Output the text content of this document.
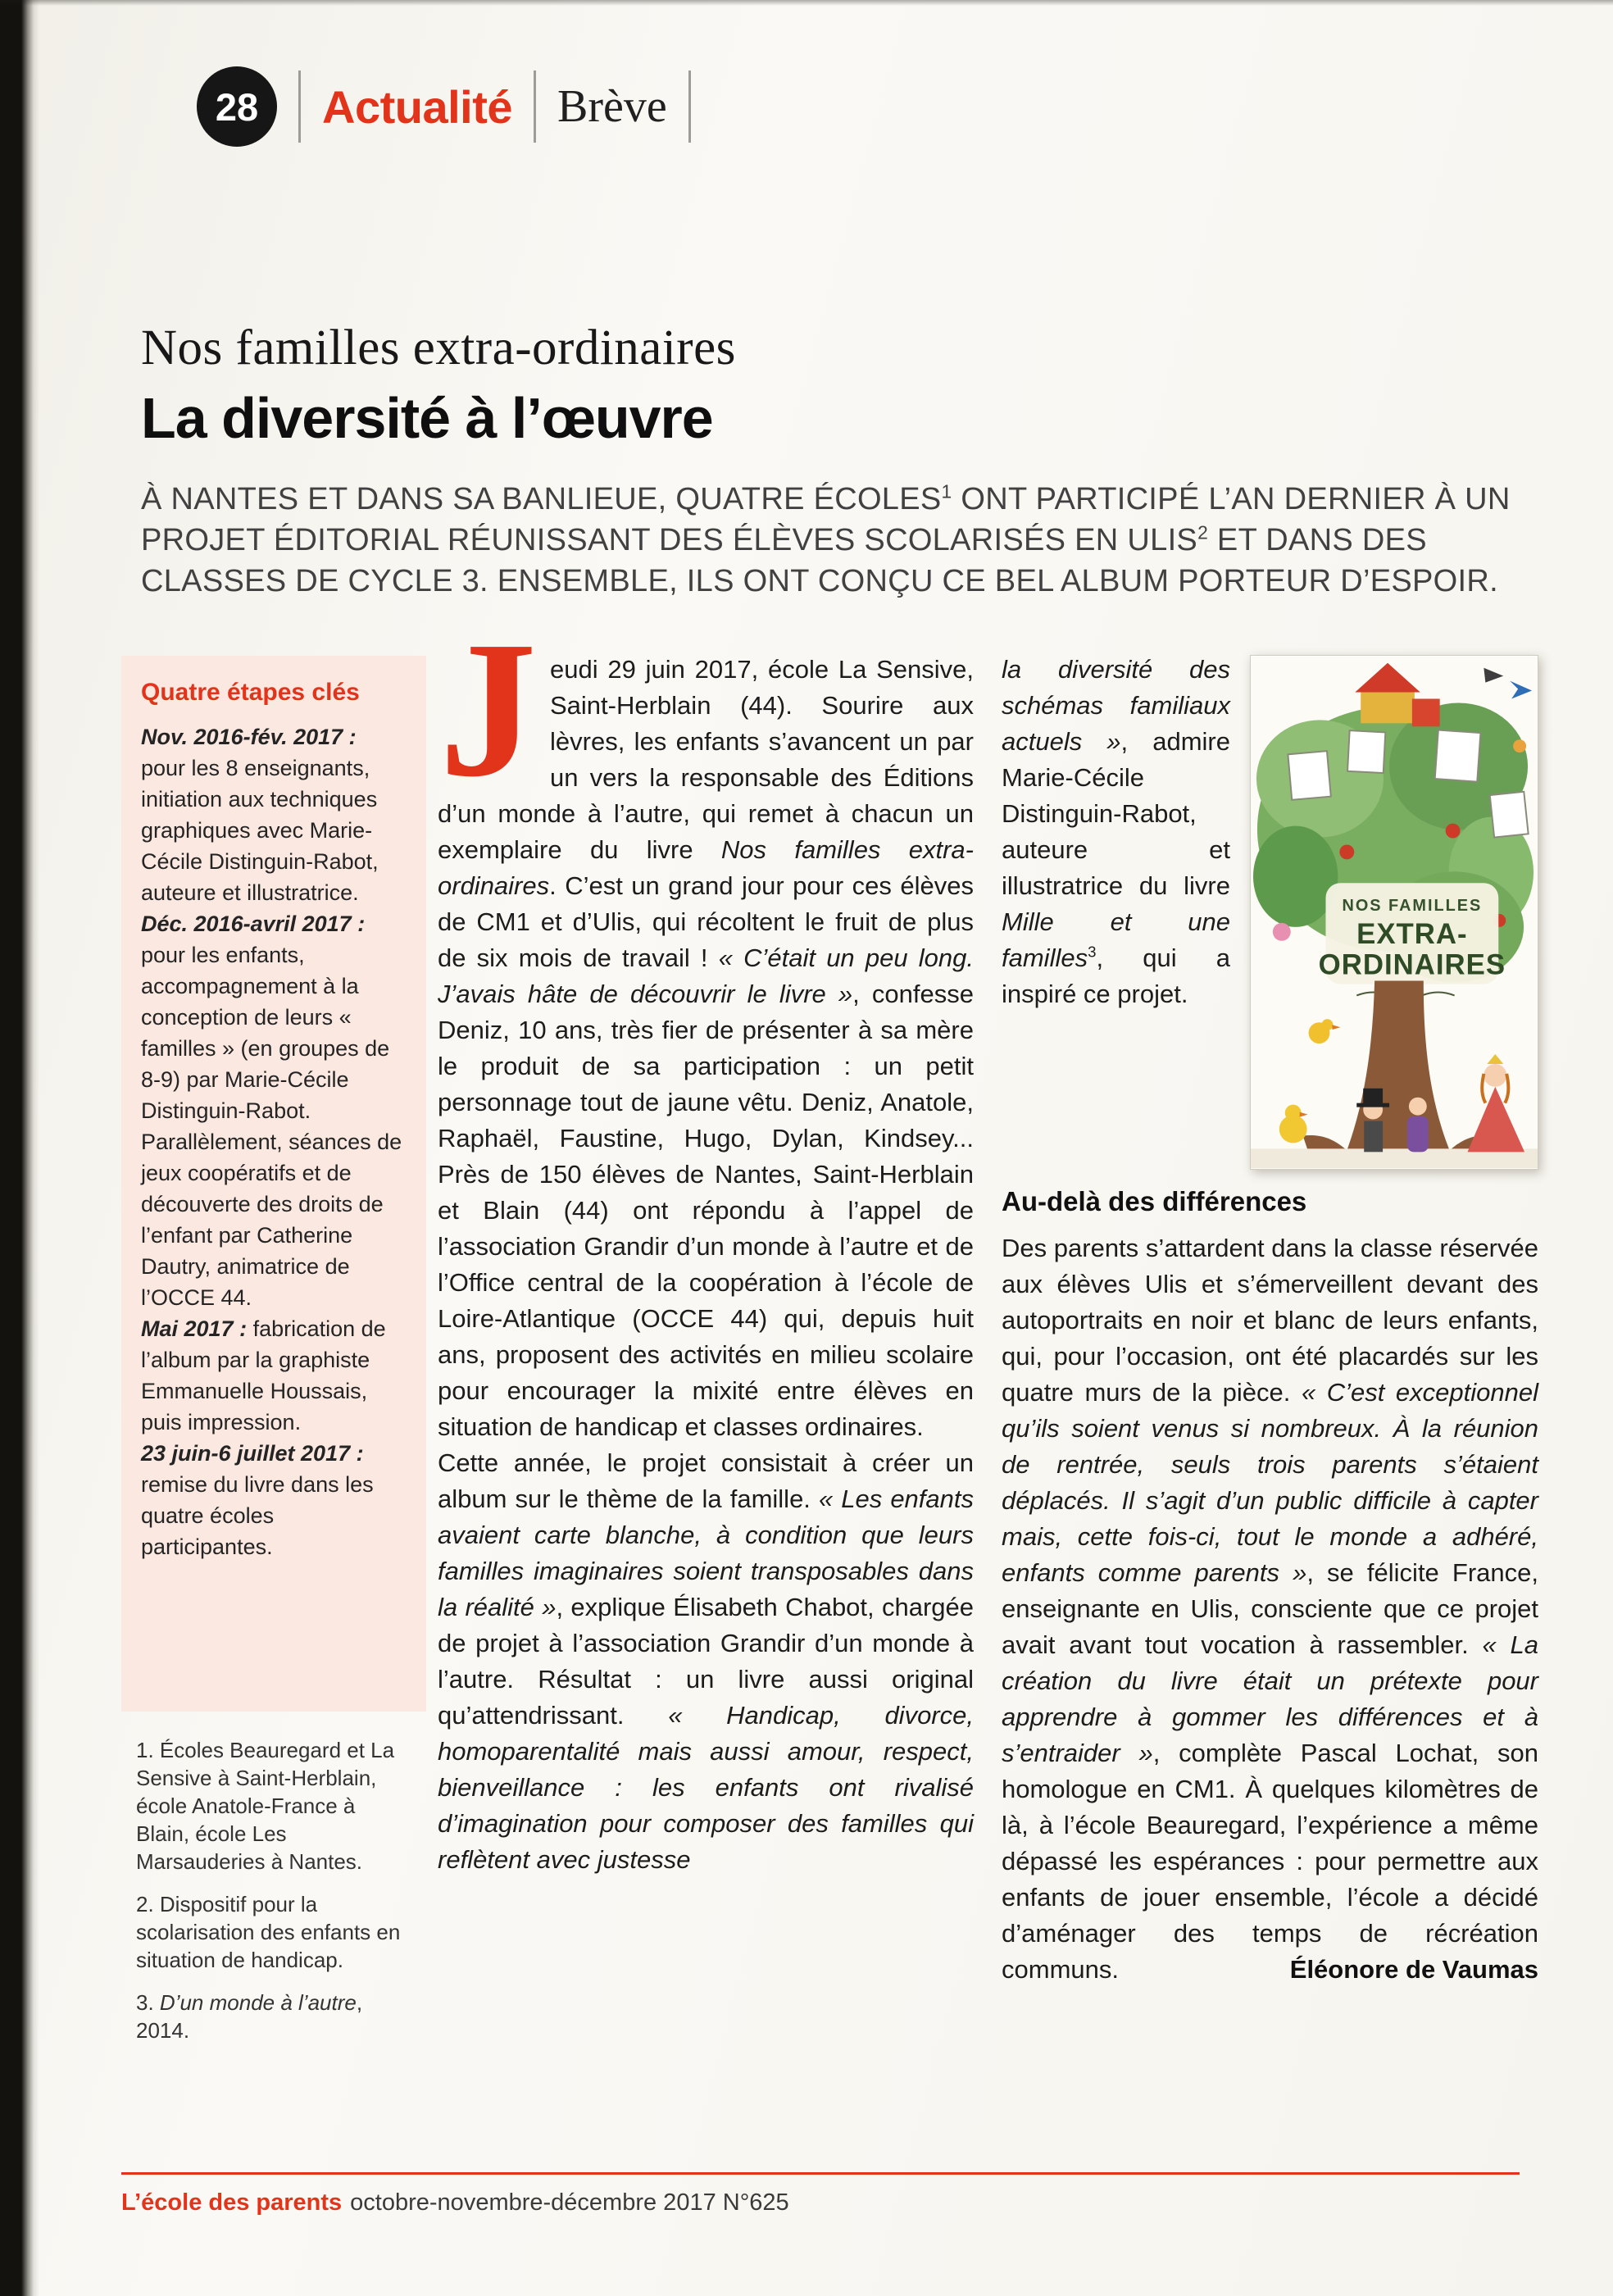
28 Actualité Brève
Nos familles extra-ordinaires
La diversité à l’œuvre

À NANTES ET DANS SA BANLIEUE, QUATRE ÉCOLES$^1$ ONT PARTICIPÉ L’AN DERNIER À UN PROJET ÉDITORIAL RÉUNISSANT DES ÉLÈVES SCOLARISÉS EN ULIS$^2$ ET DANS DES CLASSES DE CYCLE 3. ENSEMBLE, ILS ONT CONÇU CE BEL ALBUM PORTEUR D’ESPOIR.

Quatre étapes clés

Nov. 2016-fév. 2017 : pour les 8 enseignants, initiation aux techniques graphiques avec Marie-Cécile Distinguin-Rabot, auteure et illustratrice.

Déc. 2016-avril 2017 : pour les enfants, accompagnement à la conception de leurs « familles » (en groupes de 8-9) par Marie-Cécile Distinguin-Rabot. Parallèlement, séances de jeux coopératifs et de découverte des droits de l’enfant par Catherine Dautry, animatrice de l’OCCE 44.

Mai 2017 : fabrication de l’album par la graphiste Emmanuelle Houssais, puis impression.

23 juin-6 juillet 2017 : remise du livre dans les quatre écoles participantes.

1. Écoles Beauregard et La Sensive à Saint-Herblain, école Anatole-France à Blain, école Les Marsauderies à Nantes.

2. Dispositif pour la scolarisation des enfants en situation de handicap.

3. D’un monde à l’autre, 2014.

Jeudi 29 juin 2017, école La Sensive, Saint-Herblain (44). Sourire aux lèvres, les enfants s’avancent un par un vers la responsable des Éditions d’un monde à l’autre, qui remet à chacun un exemplaire du livre Nos familles extra-ordinaires. C’est un grand jour pour ces élèves de CM1 et d’Ulis, qui récoltent le fruit de plus de six mois de travail ! « C’était un peu long. J’avais hâte de découvrir le livre », confesse Deniz, 10 ans, très fier de présenter à sa mère le produit de sa participation : un petit personnage tout de jaune vêtu. Deniz, Anatole, Raphaël, Faustine, Hugo, Dylan, Kindsey... Près de 150 élèves de Nantes, Saint-Herblain et Blain (44) ont répondu à l’appel de l’association Grandir d’un monde à l’autre et de l’Office central de la coopération à l’école de Loire-Atlantique (OCCE 44) qui, depuis huit ans, proposent des activités en milieu scolaire pour encourager la mixité entre élèves en situation de handicap et classes ordinaires.

Cette année, le projet consistait à créer un album sur le thème de la famille. « Les enfants avaient carte blanche, à condition que leurs familles imaginaires soient transposables dans la réalité », explique Élisabeth Chabot, chargée de projet à l’association Grandir d’un monde à l’autre. Résultat : un livre aussi original qu’attendrissant. « Handicap, divorce, homoparentalité mais aussi amour, respect, bienveillance : les enfants ont rivalisé d’imagination pour composer des familles qui reflètent avec justesse

NOS FAMILLES
EXTRA-
ORDINAIRES

la diversité des schémas familiaux actuels », admire Marie-Cécile Distinguin-Rabot, auteure et illustratrice du livre Mille et une familles$^3$, qui a inspiré ce projet.

Au-delà des différences

Des parents s’attardent dans la classe réservée aux élèves Ulis et s’émerveillent devant des autoportraits en noir et blanc de leurs enfants, qui, pour l’occasion, ont été placardés sur les quatre murs de la pièce. « C’est exceptionnel qu’ils soient venus si nombreux. À la réunion de rentrée, seuls trois parents s’étaient déplacés. Il s’agit d’un public difficile à capter mais, cette fois-ci, tout le monde a adhéré, enfants comme parents », se félicite France, enseignante en Ulis, consciente que ce projet avait avant tout vocation à rassembler. « La création du livre était un prétexte pour apprendre à gommer les différences et à s’entraider », complète Pascal Lochat, son homologue en CM1. À quelques kilomètres de là, à l’école Beauregard, l’expérience a même dépassé les espérances : pour permettre aux enfants de jouer ensemble, l’école a décidé d’aménager des temps de récréation communs.	Éléonore de Vaumas

L’école des parents octobre-novembre-décembre 2017 N°625
